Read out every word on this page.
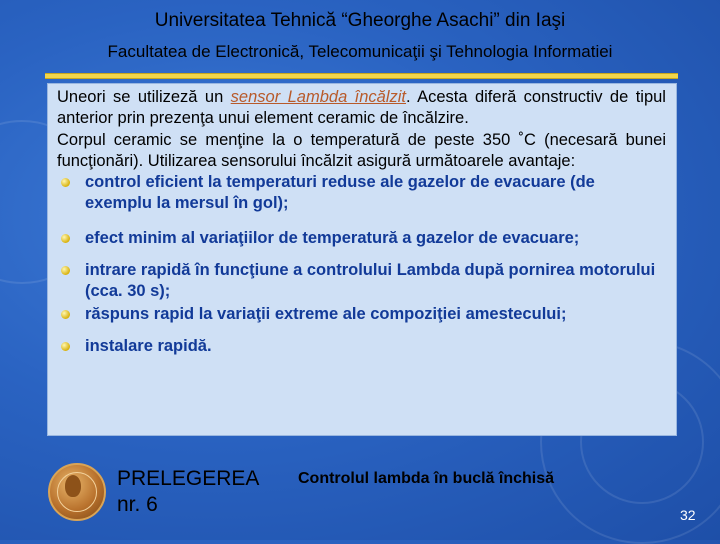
Universitatea Tehnică “Gheorghe Asachi” din Iaşi
Facultatea de Electronică, Telecomunicaţii şi Tehnologia Informatiei

Uneori se utilizeză un sensor Lambda încălzit. Acesta diferă constructiv de tipul anterior prin prezenţa unui element ceramic de încălzire.

Corpul ceramic se menţine la o temperatură de peste 350 ˚C (necesară bunei funcţionări). Utilizarea sensorului încălzit asigură următoarele avantaje:

control eficient la temperaturi reduse ale gazelor de evacuare (de exemplu la mersul în gol);
efect minim al variaţiilor de temperatură a gazelor de evacuare;
intrare rapidă în funcţiune a controlului Lambda după pornirea motorului (cca. 30 s);
răspuns rapid la variaţii extreme ale compoziţiei amestecului;
instalare rapidă.
PRELEGEREA
nr. 6
Controlul lambda în buclă închisă
32
